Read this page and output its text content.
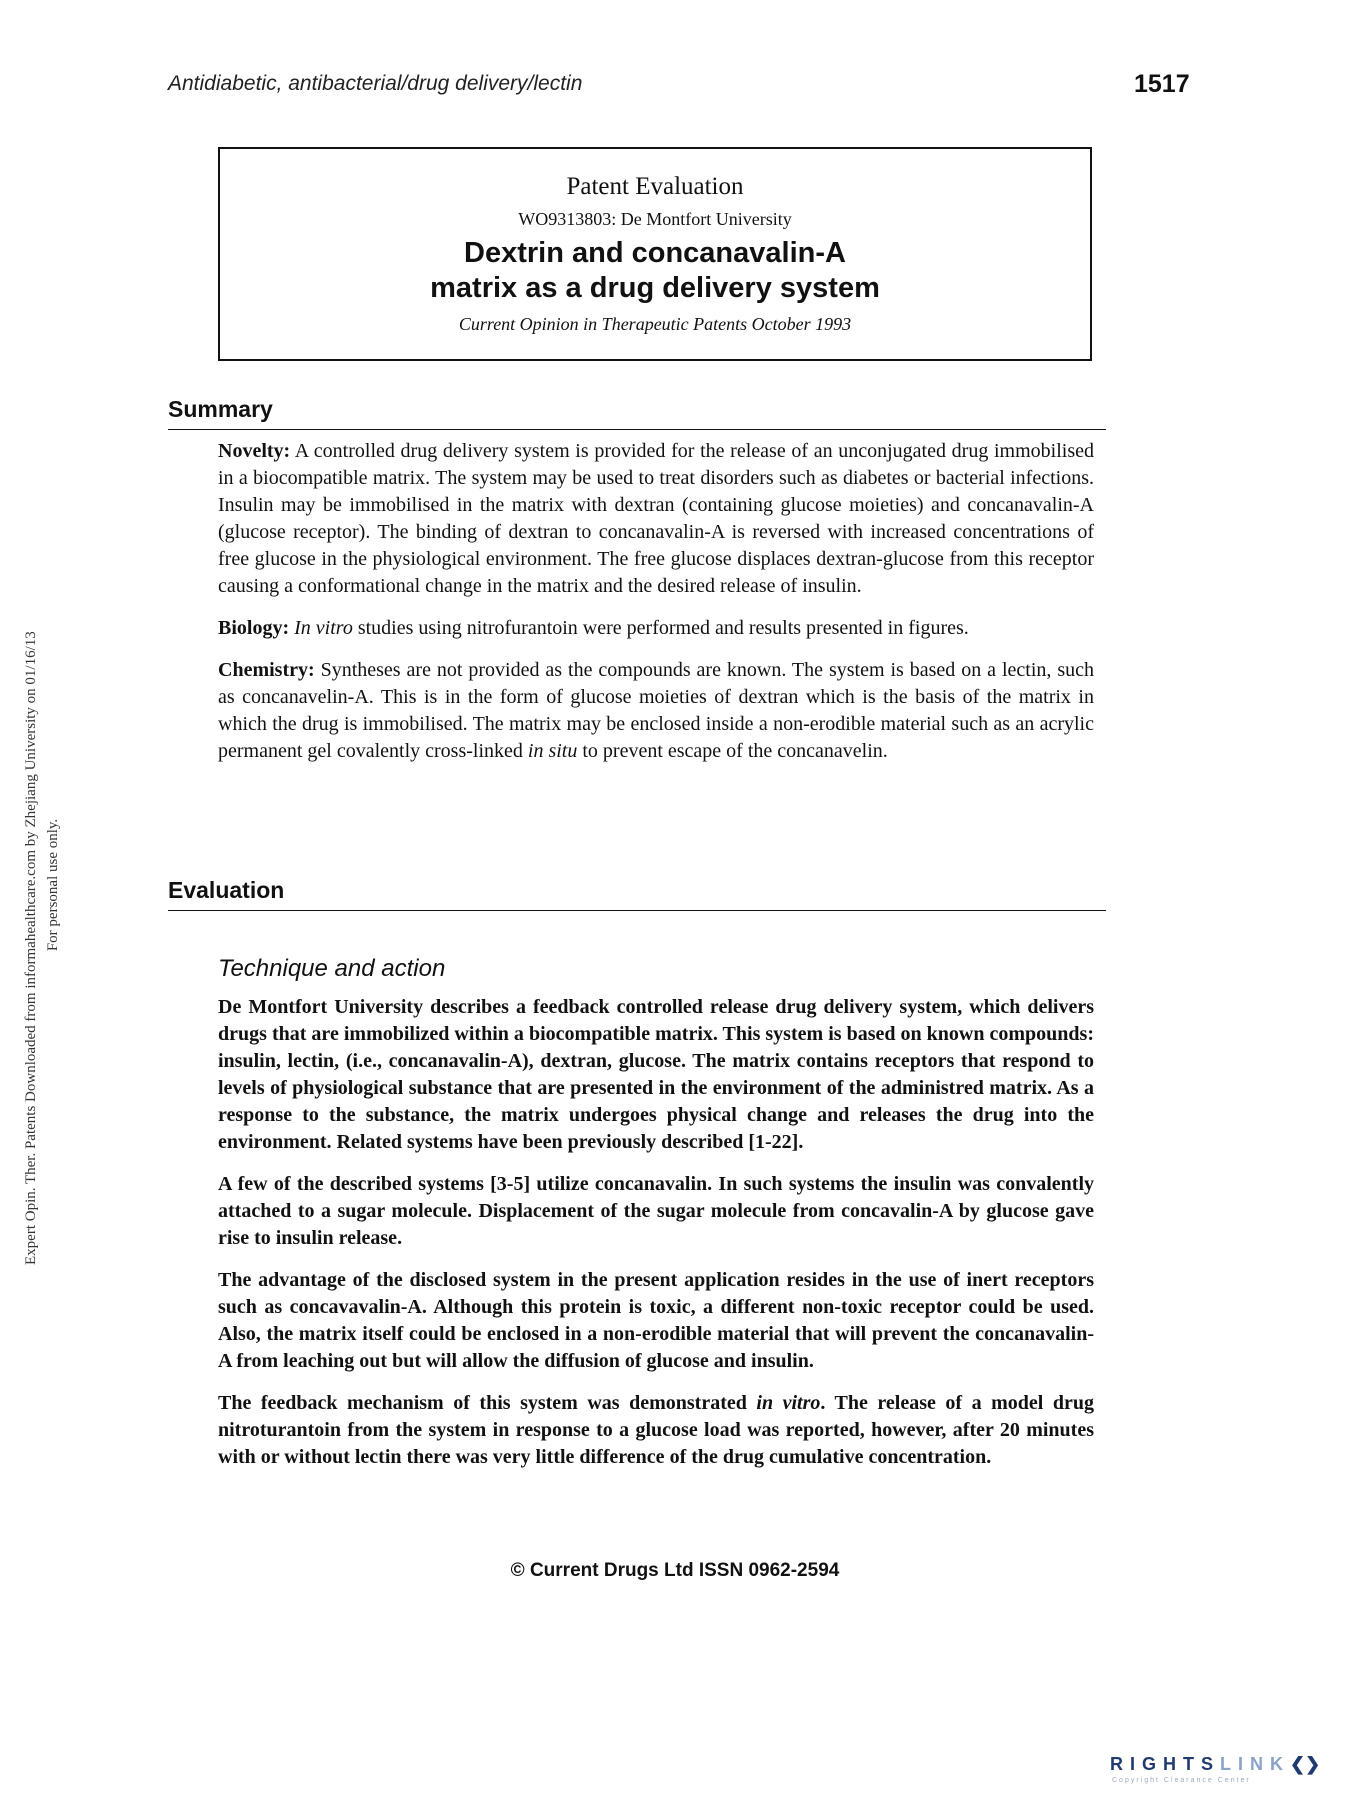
Antidiabetic, antibacterial/drug delivery/lectin	1517
Expert Opin. Ther. Patents Downloaded from informahealthcare.com by Zhejiang University on 01/16/13 For personal use only.
Patent Evaluation
WO9313803: De Montfort University
Dextrin and concanavalin-A
matrix as a drug delivery system
Current Opinion in Therapeutic Patents October 1993
Summary

Novelty: A controlled drug delivery system is provided for the release of an unconjugated drug immobilised in a biocompatible matrix. The system may be used to treat disorders such as diabetes or bacterial infections. Insulin may be immobilised in the matrix with dextran (containing glucose moieties) and concanavalin-A (glucose receptor). The binding of dextran to concanavalin-A is reversed with increased concentrations of free glucose in the physiological environment. The free glucose displaces dextran-glucose from this receptor causing a conformational change in the matrix and the desired release of insulin.

Biology: In vitro studies using nitrofurantoin were performed and results presented in figures.

Chemistry: Syntheses are not provided as the compounds are known. The system is based on a lectin, such as concanavelin-A. This is in the form of glucose moieties of dextran which is the basis of the matrix in which the drug is immobilised. The matrix may be enclosed inside a non-erodible material such as an acrylic permanent gel covalently cross-linked in situ to prevent escape of the concanavelin.

Evaluation
Technique and action

De Montfort University describes a feedback controlled release drug delivery system, which delivers drugs that are immobilized within a biocompatible matrix. This system is based on known compounds: insulin, lectin, (i.e., concanavalin-A), dextran, glucose. The matrix contains receptors that respond to levels of physiological substance that are presented in the environment of the administred matrix. As a response to the substance, the matrix undergoes physical change and releases the drug into the environment. Related systems have been previously described [1-22].

A few of the described systems [3-5] utilize concanavalin. In such systems the insulin was convalently attached to a sugar molecule. Displacement of the sugar molecule from concavalin-A by glucose gave rise to insulin release.

The advantage of the disclosed system in the present application resides in the use of inert receptors such as concavavalin-A. Although this protein is toxic, a different non-toxic receptor could be used. Also, the matrix itself could be enclosed in a non-erodible material that will prevent the concanavalin-A from leaching out but will allow the diffusion of glucose and insulin.

The feedback mechanism of this system was demonstrated in vitro. The release of a model drug nitroturantoin from the system in response to a glucose load was reported, however, after 20 minutes with or without lectin there was very little difference of the drug cumulative concentration.

© Current Drugs Ltd ISSN 0962-2594
RIGHTSLINK❮❯
Copyright Clearance Center
